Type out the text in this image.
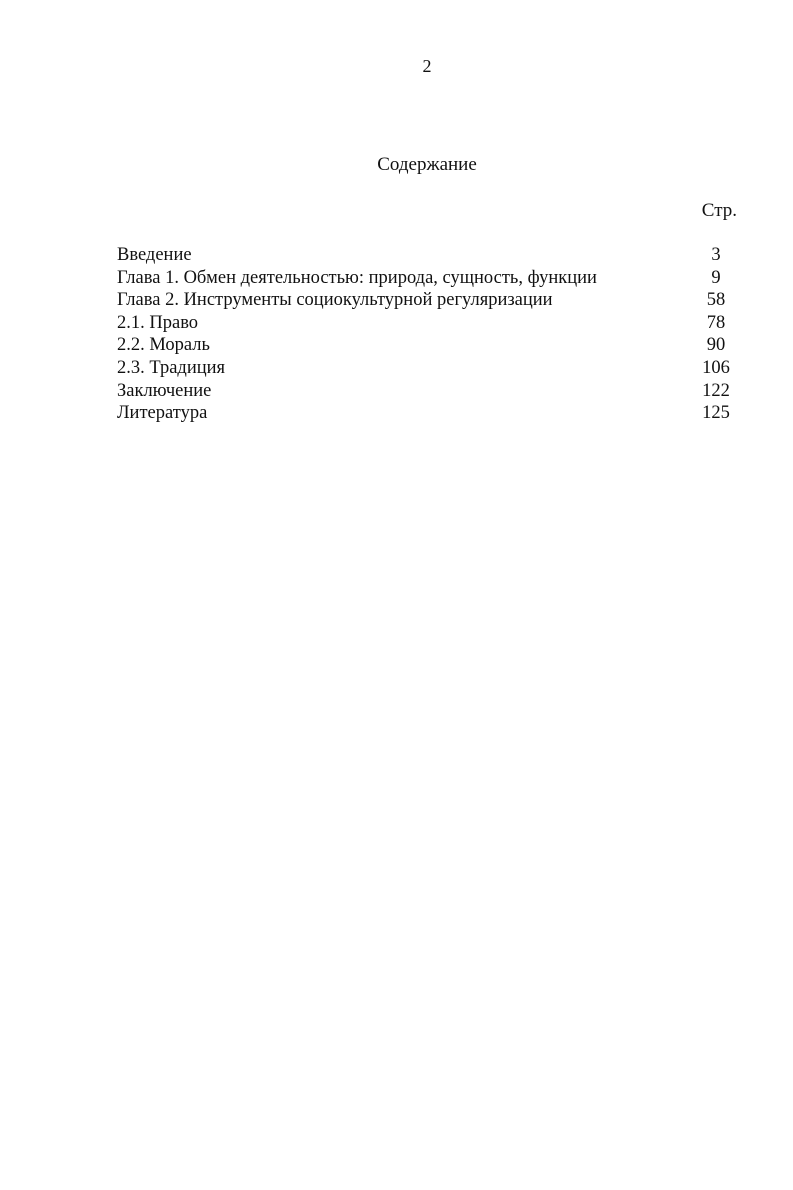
2
Содержание
Стр.
Введение	3
Глава 1. Обмен деятельностью: природа, сущность, функции	9
Глава 2. Инструменты социокультурной регуляризации	58
2.1. Право	78
2.2. Мораль	90
2.3. Традиция	106
Заключение	122
Литература	125
